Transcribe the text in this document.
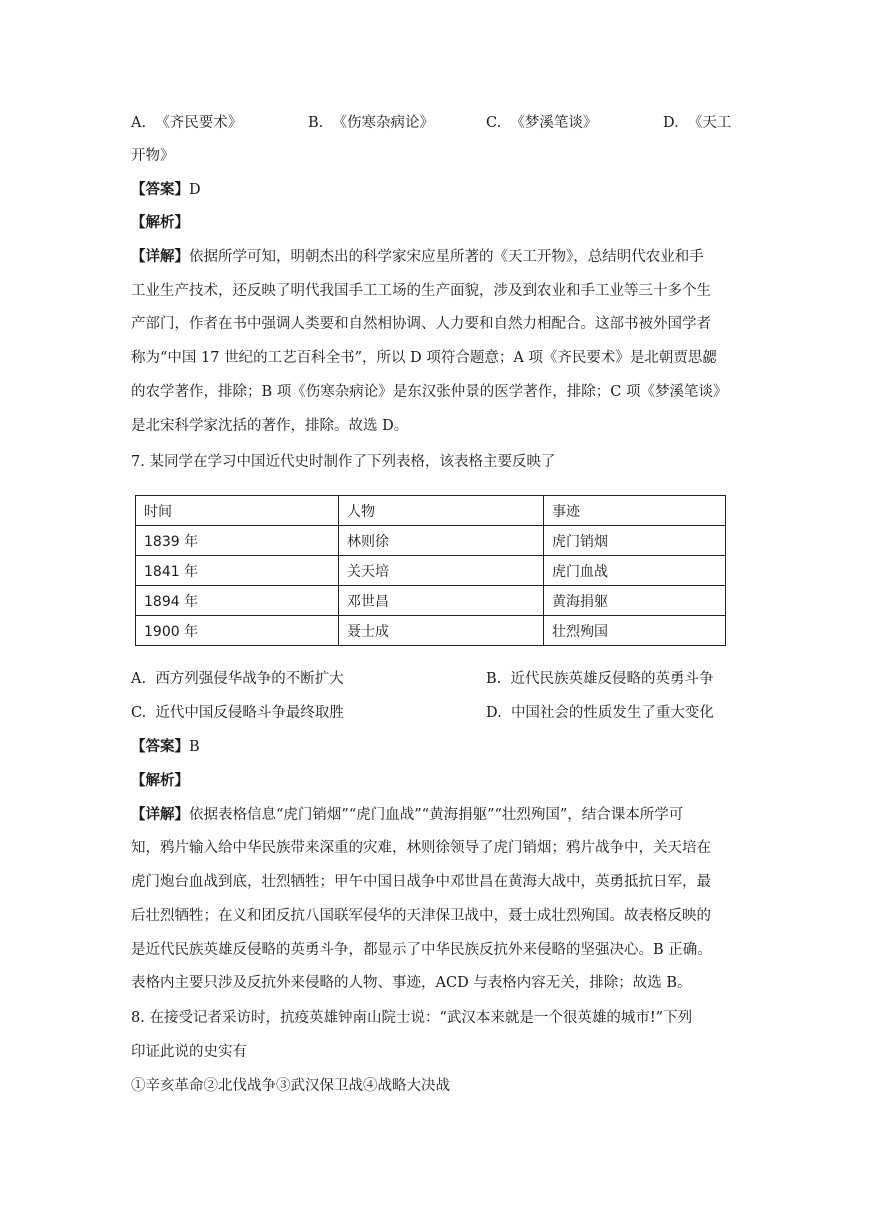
A. 《齐民要术》	B. 《伤寒杂病论》	C. 《梦溪笔谈》	D. 《天工
开物》
【答案】D
【解析】
【详解】依据所学可知，明朝杰出的科学家宋应星所著的《天工开物》，总结明代农业和手
工业生产技术，还反映了明代我国手工工场的生产面貌，涉及到农业和手工业等三十多个生
产部门，作者在书中强调人类要和自然相协调、人力要和自然力相配合。这部书被外国学者
称为“中国 17 世纪的工艺百科全书”，所以 D 项符合题意；A 项《齐民要术》是北朝贾思勰
的农学著作，排除；B 项《伤寒杂病论》是东汉张仲景的医学著作，排除；C 项《梦溪笔谈》
是北宋科学家沈括的著作，排除。故选 D。
7. 某同学在学习中国近代史时制作了下列表格，该表格主要反映了
时间	人物	事迹
1839 年	林则徐	虎门销烟
1841 年	关天培	虎门血战
1894 年	邓世昌	黄海捐躯
1900 年	聂士成	壮烈殉国
A. 西方列强侵华战争的不断扩大	B. 近代民族英雄反侵略的英勇斗争
C. 近代中国反侵略斗争最终取胜	D. 中国社会的性质发生了重大变化
【答案】B
【解析】
【详解】依据表格信息“虎门销烟”“虎门血战”“黄海捐躯”“壮烈殉国”，结合课本所学可
知，鸦片输入给中华民族带来深重的灾难，林则徐领导了虎门销烟；鸦片战争中，关天培在
虎门炮台血战到底，壮烈牺牲；甲午中国日战争中邓世昌在黄海大战中，英勇抵抗日军，最
后壮烈牺牲；在义和团反抗八国联军侵华的天津保卫战中，聂士成壮烈殉国。故表格反映的
是近代民族英雄反侵略的英勇斗争，都显示了中华民族反抗外来侵略的坚强决心。B 正确。
表格内主要只涉及反抗外来侵略的人物、事迹，ACD 与表格内容无关，排除；故选 B。
8. 在接受记者采访时，抗疫英雄钟南山院士说：“武汉本来就是一个很英雄的城市!”下列
印证此说的史实有
①辛亥革命②北伐战争③武汉保卫战④战略大决战
